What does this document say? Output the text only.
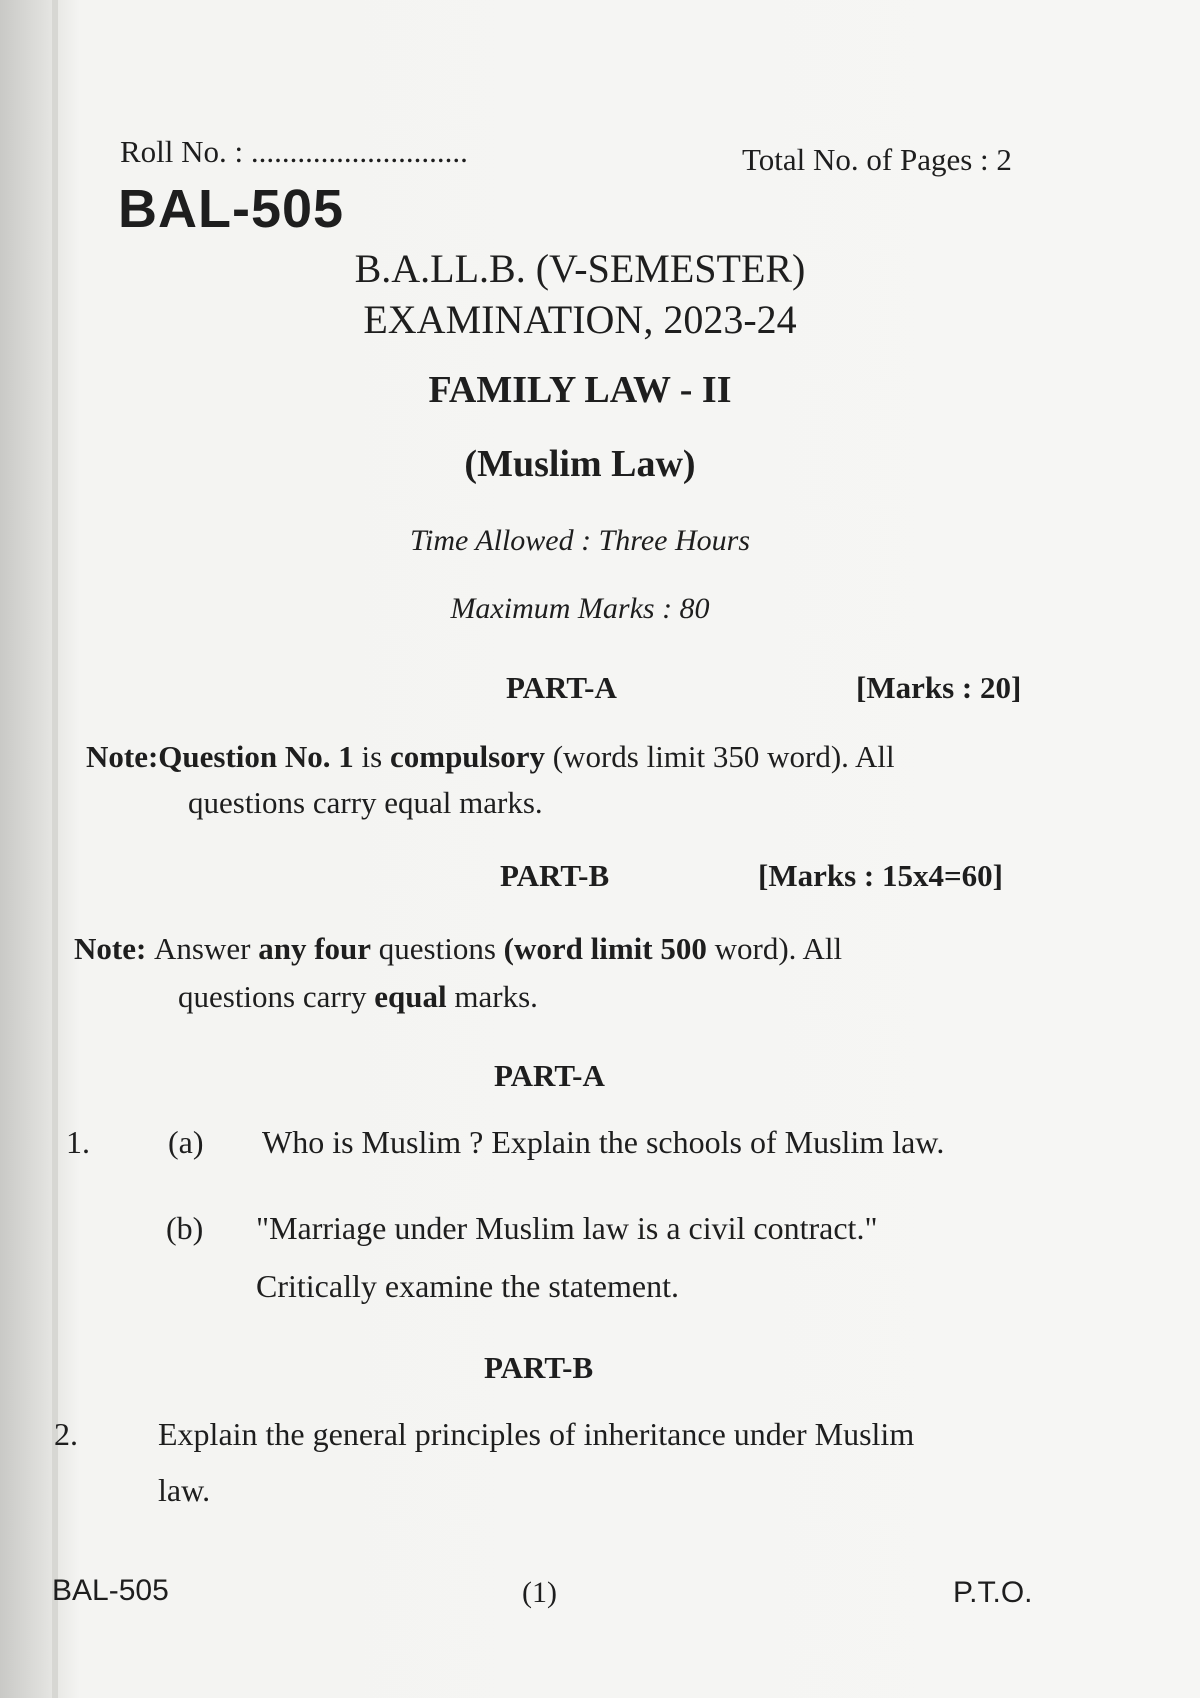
Roll No. : ............................	Total No. of Pages : 2
BAL-505
B.A.LL.B. (V-SEMESTER)
EXAMINATION, 2023-24
FAMILY LAW - II
(Muslim Law)
Time Allowed : Three Hours
Maximum Marks : 80
PART-A	[Marks : 20]
Note:Question No. 1 is compulsory (words limit 350 word). All
questions carry equal marks.
PART-B	[Marks : 15x4=60]
Note: Answer any four questions (word limit 500 word). All
questions carry equal marks.
PART-A
1. (a) Who is Muslim ? Explain the schools of Muslim law.
(b) "Marriage under Muslim law is a civil contract."
Critically examine the statement.
PART-B
2.	Explain the general principles of inheritance under Muslim
law.
BAL-505	(1)	P.T.O.
